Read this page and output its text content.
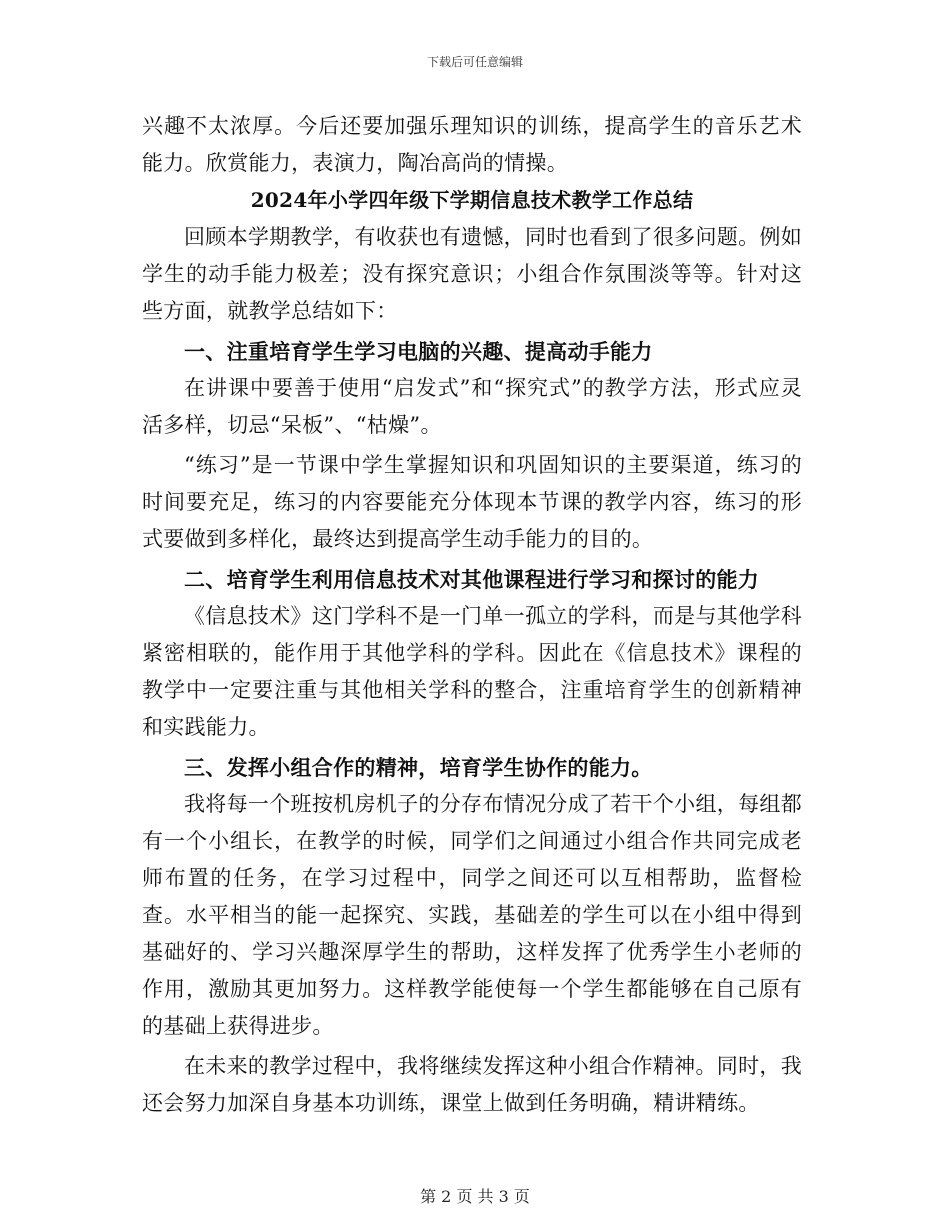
下载后可任意编辑

兴趣不太浓厚。今后还要加强乐理知识的训练，提高学生的音乐艺术能力。欣赏能力，表演力，陶冶高尚的情操。

2024年小学四年级下学期信息技术教学工作总结

回顾本学期教学，有收获也有遗憾，同时也看到了很多问题。例如学生的动手能力极差；没有探究意识；小组合作氛围淡等等。针对这些方面，就教学总结如下：

一、注重培育学生学习电脑的兴趣、提高动手能力

在讲课中要善于使用“启发式”和“探究式”的教学方法，形式应灵活多样，切忌“呆板”、“枯燥”。

“练习”是一节课中学生掌握知识和巩固知识的主要渠道，练习的时间要充足，练习的内容要能充分体现本节课的教学内容，练习的形式要做到多样化，最终达到提高学生动手能力的目的。

二、培育学生利用信息技术对其他课程进行学习和探讨的能力

《信息技术》这门学科不是一门单一孤立的学科，而是与其他学科紧密相联的，能作用于其他学科的学科。因此在《信息技术》课程的教学中一定要注重与其他相关学科的整合，注重培育学生的创新精神和实践能力。

三、发挥小组合作的精神，培育学生协作的能力。

我将每一个班按机房机子的分存布情况分成了若干个小组，每组都有一个小组长，在教学的时候，同学们之间通过小组合作共同完成老师布置的任务，在学习过程中，同学之间还可以互相帮助，监督检查。水平相当的能一起探究、实践，基础差的学生可以在小组中得到基础好的、学习兴趣深厚学生的帮助，这样发挥了优秀学生小老师的作用，激励其更加努力。这样教学能使每一个学生都能够在自己原有的基础上获得进步。

在未来的教学过程中，我将继续发挥这种小组合作精神。同时，我还会努力加深自身基本功训练，课堂上做到任务明确，精讲精练。

第 2 页 共 3 页
